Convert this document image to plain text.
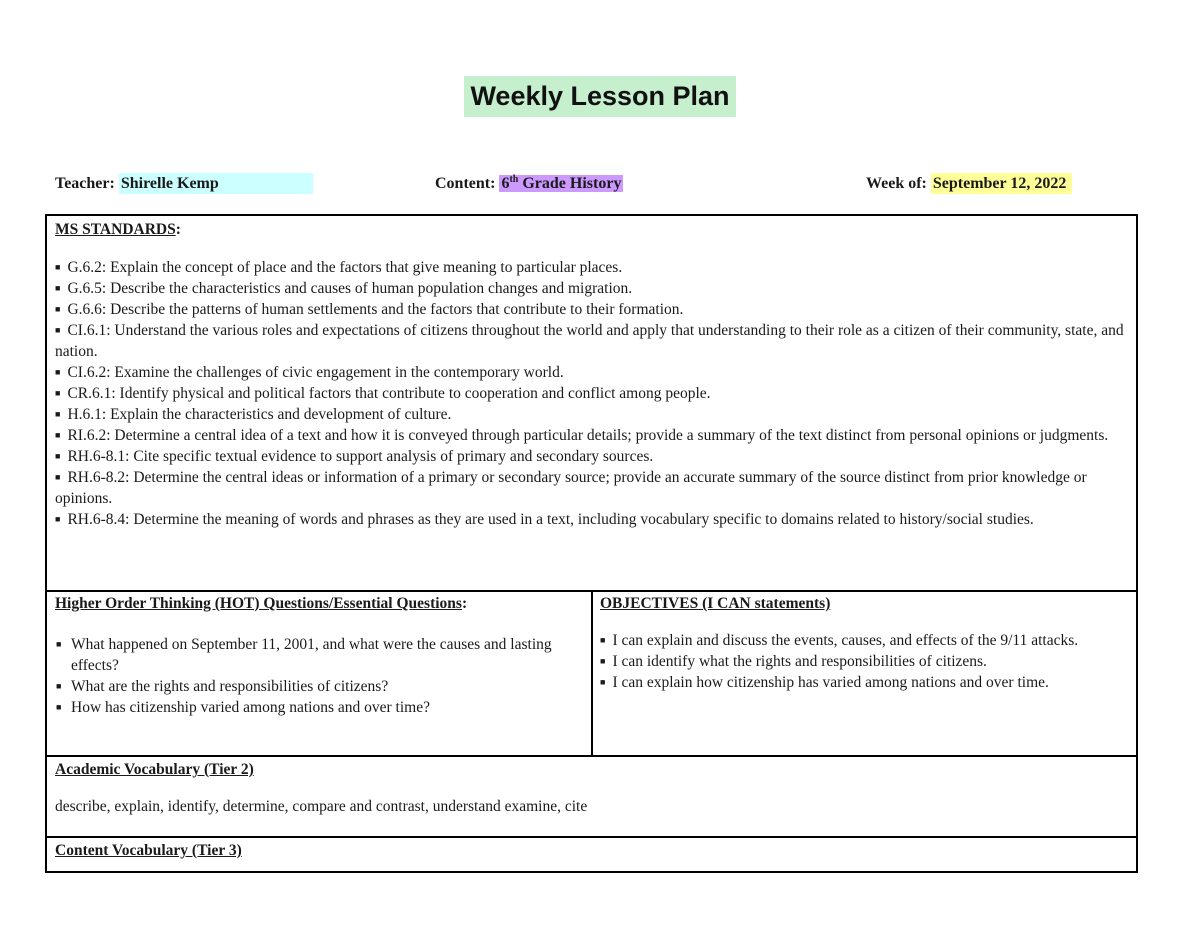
Weekly Lesson Plan
Teacher: Shirelle Kemp	Content: 6th Grade History	Week of: September 12, 2022
MS STANDARDS:
■ G.6.2: Explain the concept of place and the factors that give meaning to particular places.
■ G.6.5: Describe the characteristics and causes of human population changes and migration.
■ G.6.6: Describe the patterns of human settlements and the factors that contribute to their formation.
■ CI.6.1: Understand the various roles and expectations of citizens throughout the world and apply that understanding to their role as a citizen of their community, state, and nation.
■ CI.6.2: Examine the challenges of civic engagement in the contemporary world.
■ CR.6.1: Identify physical and political factors that contribute to cooperation and conflict among people.
■ H.6.1: Explain the characteristics and development of culture.
■ RI.6.2: Determine a central idea of a text and how it is conveyed through particular details; provide a summary of the text distinct from personal opinions or judgments.
■ RH.6-8.1: Cite specific textual evidence to support analysis of primary and secondary sources.
■ RH.6-8.2: Determine the central ideas or information of a primary or secondary source; provide an accurate summary of the source distinct from prior knowledge or opinions.
■ RH.6-8.4: Determine the meaning of words and phrases as they are used in a text, including vocabulary specific to domains related to history/social studies.
Higher Order Thinking (HOT) Questions/Essential Questions:
■ What happened on September 11, 2001, and what were the causes and lasting effects?
■ What are the rights and responsibilities of citizens?
■ How has citizenship varied among nations and over time?
OBJECTIVES (I CAN statements)
■ I can explain and discuss the events, causes, and effects of the 9/11 attacks.
■ I can identify what the rights and responsibilities of citizens.
■ I can explain how citizenship has varied among nations and over time.
Academic Vocabulary (Tier 2)
describe, explain, identify, determine, compare and contrast, understand examine, cite
Content Vocabulary (Tier 3)
